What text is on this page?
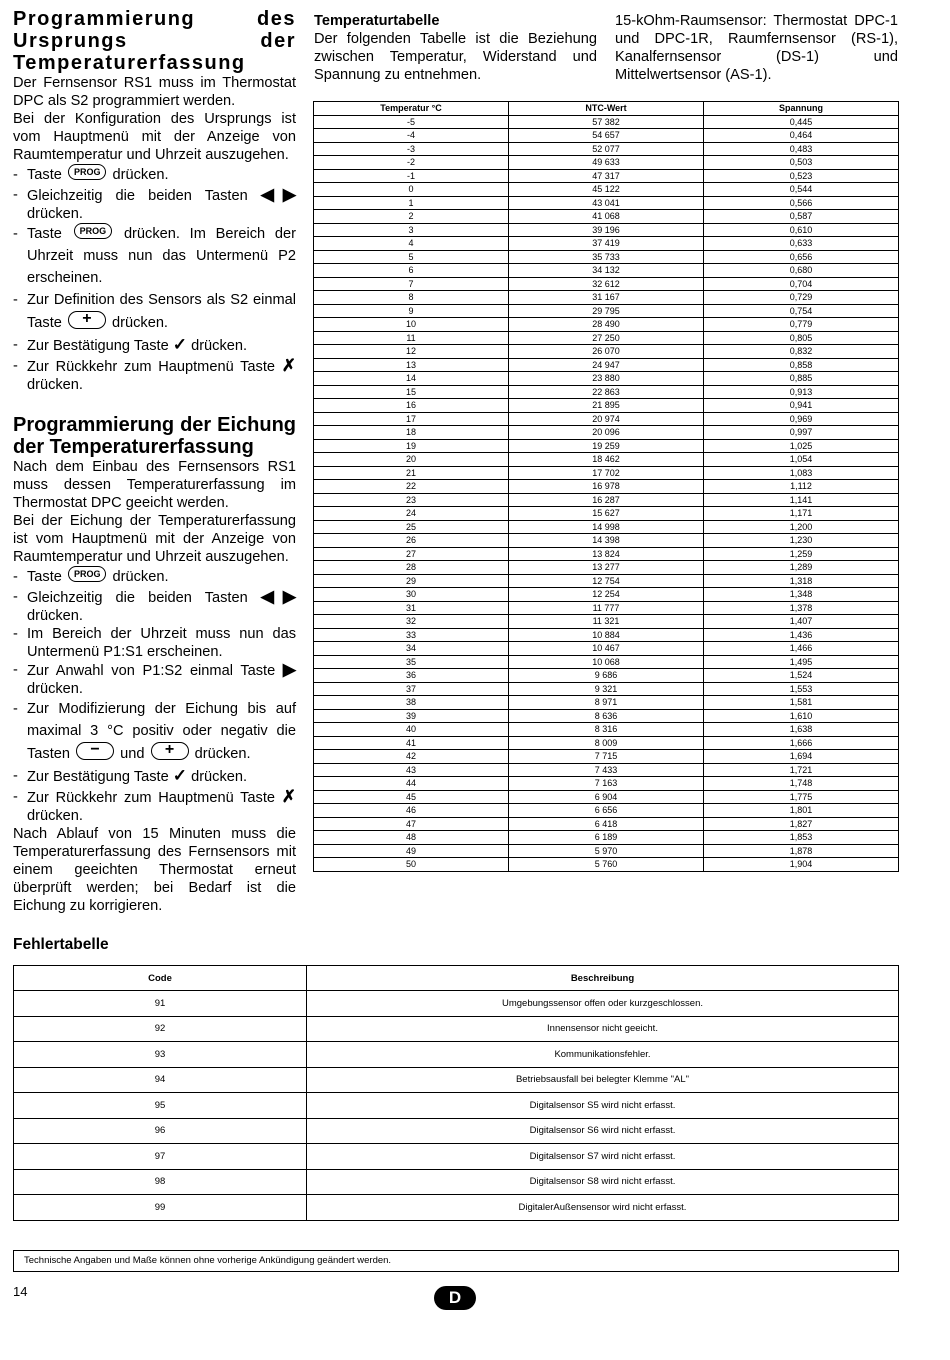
Programmierung des Ursprungs der Temperaturerfassung

Der Fernsensor RS1 muss im Thermostat DPC als S2 programmiert werden.

Bei der Konfiguration des Ursprungs ist vom Hauptmenü mit der Anzeige von Raumtemperatur und Uhrzeit auszugehen.

- Taste PROG drücken.
- Gleichzeitig die beiden Tasten ◀▶ drücken.
- Taste PROG drücken. Im Bereich der Uhrzeit muss nun das Untermenü P2 erscheinen.
- Zur Definition des Sensors als S2 einmal Taste + drücken.
- Zur Bestätigung Taste ✓ drücken.
- Zur Rückkehr zum Hauptmenü Taste ✗ drücken.
Programmierung der Eichung der Temperaturerfassung

Nach dem Einbau des Fernsensors RS1 muss dessen Temperaturerfassung im Thermostat DPC geeicht werden.

Bei der Eichung der Temperaturerfassung ist vom Hauptmenü mit der Anzeige von Raumtemperatur und Uhrzeit auszugehen.

- Taste PROG drücken.
- Gleichzeitig die beiden Tasten ◀▶ drücken.
- Im Bereich der Uhrzeit muss nun das Untermenü P1:S1 erscheinen.
- Zur Anwahl von P1:S2 einmal Taste ▶ drücken.
- Zur Modifizierung der Eichung bis auf maximal 3 °C positiv oder negativ die Tasten − und + drücken.
- Zur Bestätigung Taste ✓ drücken.
- Zur Rückkehr zum Hauptmenü Taste ✗ drücken.

Nach Ablauf von 15 Minuten muss die Temperaturerfassung des Fernsensors mit einem geeichten Thermostat erneut überprüft werden; bei Bedarf ist die Eichung zu korrigieren.

Temperaturtabelle

Der folgenden Tabelle ist die Beziehung zwischen Temperatur, Widerstand und Spannung zu entnehmen.

15-kOhm-Raumsensor: Thermostat DPC-1 und DPC-1R, Raumfernsensor (RS-1), Kanalfernsensor (DS-1) und Mittelwertsensor (AS-1).

Temperatur °C	NTC-Wert	Spannung
-5	57 382	0,445
-4	54 657	0,464
-3	52 077	0,483
-2	49 633	0,503
-1	47 317	0,523
0	45 122	0,544
1	43 041	0,566
2	41 068	0,587
3	39 196	0,610
4	37 419	0,633
5	35 733	0,656
6	34 132	0,680
7	32 612	0,704
8	31 167	0,729
9	29 795	0,754
10	28 490	0,779
11	27 250	0,805
12	26 070	0,832
13	24 947	0,858
14	23 880	0,885
15	22 863	0,913
16	21 895	0,941
17	20 974	0,969
18	20 096	0,997
19	19 259	1,025
20	18 462	1,054
21	17 702	1,083
22	16 978	1,112
23	16 287	1,141
24	15 627	1,171
25	14 998	1,200
26	14 398	1,230
27	13 824	1,259
28	13 277	1,289
29	12 754	1,318
30	12 254	1,348
31	11 777	1,378
32	11 321	1,407
33	10 884	1,436
34	10 467	1,466
35	10 068	1,495
36	9 686	1,524
37	9 321	1,553
38	8 971	1,581
39	8 636	1,610
40	8 316	1,638
41	8 009	1,666
42	7 715	1,694
43	7 433	1,721
44	7 163	1,748
45	6 904	1,775
46	6 656	1,801
47	6 418	1,827
48	6 189	1,853
49	5 970	1,878
50	5 760	1,904
Fehlertabelle
Code	Beschreibung
91	Umgebungssensor offen oder kurzgeschlossen.
92	Innensensor nicht geeicht.
93	Kommunikationsfehler.
94	Betriebsausfall bei belegter Klemme "AL"
95	Digitalsensor S5 wird nicht erfasst.
96	Digitalsensor S6 wird nicht erfasst.
97	Digitalsensor S7 wird nicht erfasst.
98	Digitalsensor S8 wird nicht erfasst.
99	DigitalerAußensensor wird nicht erfasst.
Technische Angaben und Maße können ohne vorherige Ankündigung geändert werden.
14	D
